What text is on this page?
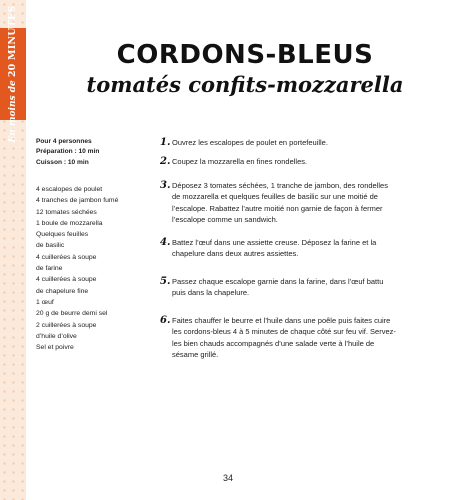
En moins de 20 MINUTES	CORDONS-BLEUS
tomatés confits-mozzarella
Pour 4 personnes
Préparation : 10 min
Cuisson : 10 min
4 escalopes de poulet
4 tranches de jambon fumé
12 tomates séchées
1 boule de mozzarella
Quelques feuilles
de basilic
4 cuillerées à soupe
de farine
4 cuillerées à soupe
de chapelure fine
1 œuf
20 g de beurre demi sel
2 cuillerées à soupe
d’huile d’olive
Sel et poivre
1. Ouvrez les escalopes de poulet en portefeuille.
2. Coupez la mozzarella en fines rondelles.
3. Déposez 3 tomates séchées, 1 tranche de jambon, des rondelles de mozzarella et quelques feuilles de basilic sur une moitié de l’escalope. Rabattez l’autre moitié non garnie de façon à fermer l’escalope comme un sandwich.
4. Battez l’œuf dans une assiette creuse. Déposez la farine et la chapelure dans deux autres assiettes.
5. Passez chaque escalope garnie dans la farine, dans l’œuf battu puis dans la chapelure.
6. Faites chauffer le beurre et l’huile dans une poêle puis faites cuire les cordons-bleus 4 à 5 minutes de chaque côté sur feu vif. Servez-les bien chauds accompagnés d’une salade verte à l’huile de sésame grillé.
34
